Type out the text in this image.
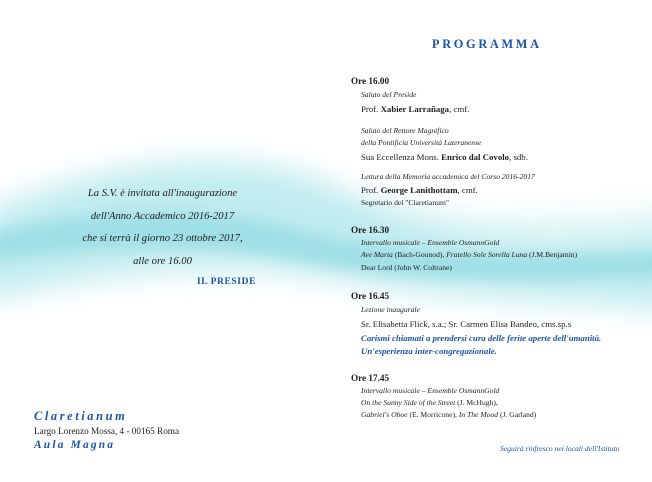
La S.V. è invitata all'inaugurazione
dell'Anno Accademico 2016-2017
che si terrà il giorno 23 ottobre 2017,
alle ore 16.00
IL PRESIDE
Claretianum
Largo Lorenzo Mossa, 4 - 00165 Roma
Aula Magna
PROGRAMMA
Ore 16.00
Saluto del Preside
Prof. Xabier Larrañaga, cmf.
Saluto del Rettore Magnifico
della Pontificia Università Lateranense
Sua Eccellenza Mons. Enrico dal Covolo, sdb.
Lettura della Memoria accademica del Corso 2016-2017
Prof. George Lanithottam, cmf.
Segretario del "Claretianum"
Ore 16.30
Intervallo musicale – Ensemble OsmannGold
Ave Maria (Bach-Gounod), Fratello Sole Sorella Luna (J.M.Benjamin)
Dear Lord (John W. Coltrane)
Ore 16.45
Lezione inaugurale
Sr. Elisabetta Flick, s.a.; Sr. Carmen Elisa Bandeo, cms.sp.s
Carismi chiamati a prendersi cura delle ferite aperte dell'umanità.
Un'esperienza inter-congregazionale.
Ore 17.45
Intervallo musicale – Ensemble OsmannGold
On the Sunny Side of the Street (J. McHugh),
Gabriel's Oboe (E. Morricone), In The Mood (J. Garland)
Seguirà rinfresco nei locali dell'Istituto
